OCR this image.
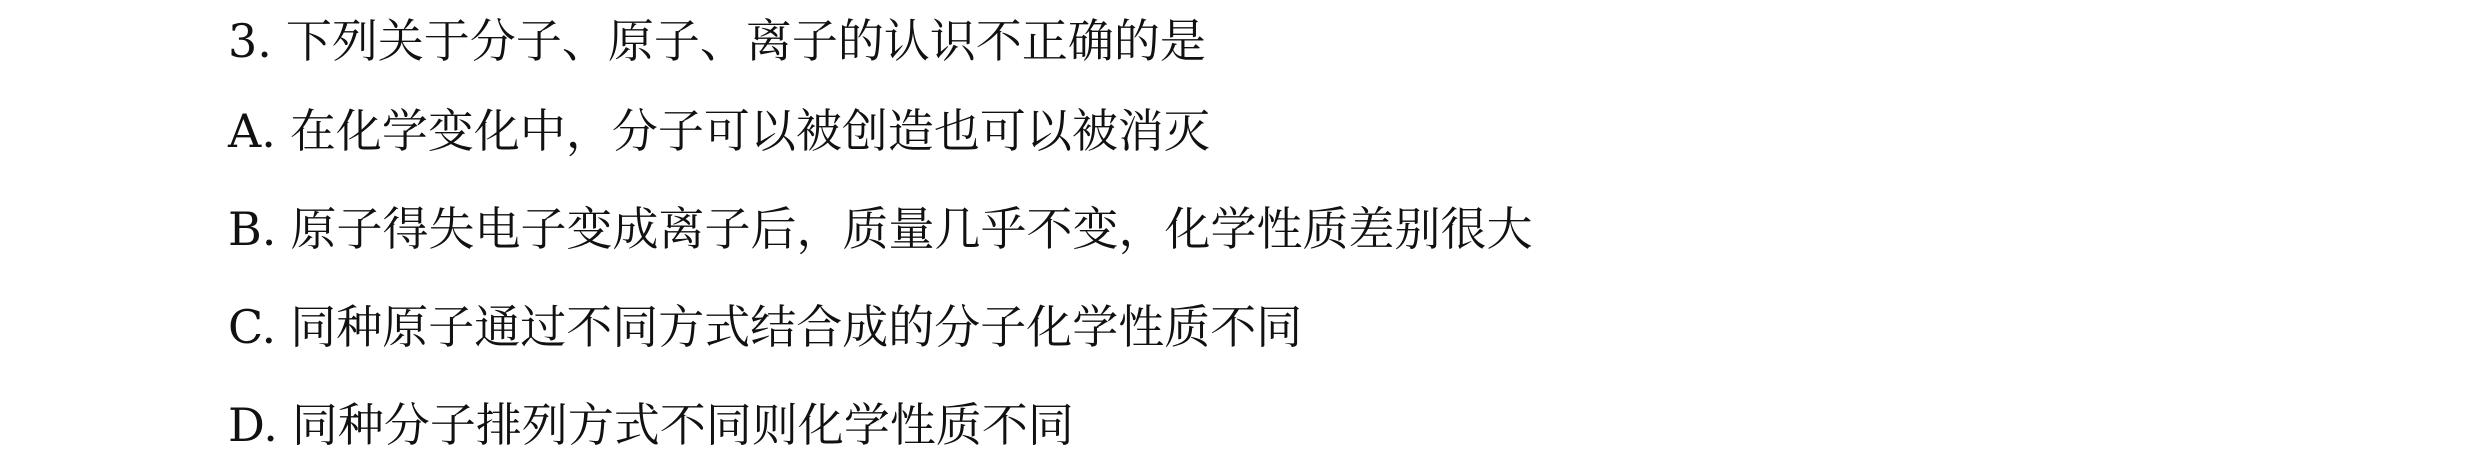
3. 下列关于分子、原子、离子的认识不正确的是
A. 在化学变化中，分子可以被创造也可以被消灭
B. 原子得失电子变成离子后，质量几乎不变，化学性质差别很大
C. 同种原子通过不同方式结合成的分子化学性质不同
D. 同种分子排列方式不同则化学性质不同
